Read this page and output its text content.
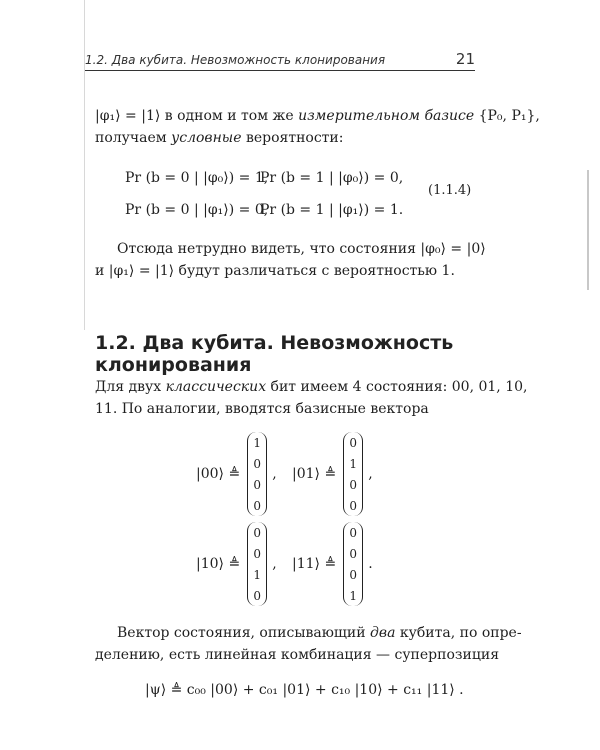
1.2. Два кубита. Невозможность клонирования	21
|φ₁⟩ = |1⟩ в одном и том же измерительном базисе {P₀, P₁},
получаем условные вероятности:
Pr (b = 0 | |φ₀⟩) = 1,
Pr (b = 1 | |φ₀⟩) = 0,
Pr (b = 0 | |φ₁⟩) = 0,
Pr (b = 1 | |φ₁⟩) = 1.
(1.1.4)
Отсюда нетрудно видеть, что состояния |φ₀⟩ = |0⟩
и |φ₁⟩ = |1⟩ будут различаться с вероятностью 1.
1.2. Два кубита. Невозможность клонирования
Для двух классических бит имеем 4 состояния: 00, 01, 10,
11. По аналогии, вводятся базисные вектора
|00⟩ ≜
1
0
0
0
, |01⟩ ≜
0
1
0
0
,
|10⟩ ≜
0
0
1
0
, |11⟩ ≜
0
0
0
1
.
Вектор состояния, описывающий два кубита, по опре-
делению, есть линейная комбинация — суперпозиция
|ψ⟩ ≜ c₀₀ |00⟩ + c₀₁ |01⟩ + c₁₀ |10⟩ + c₁₁ |11⟩ .
